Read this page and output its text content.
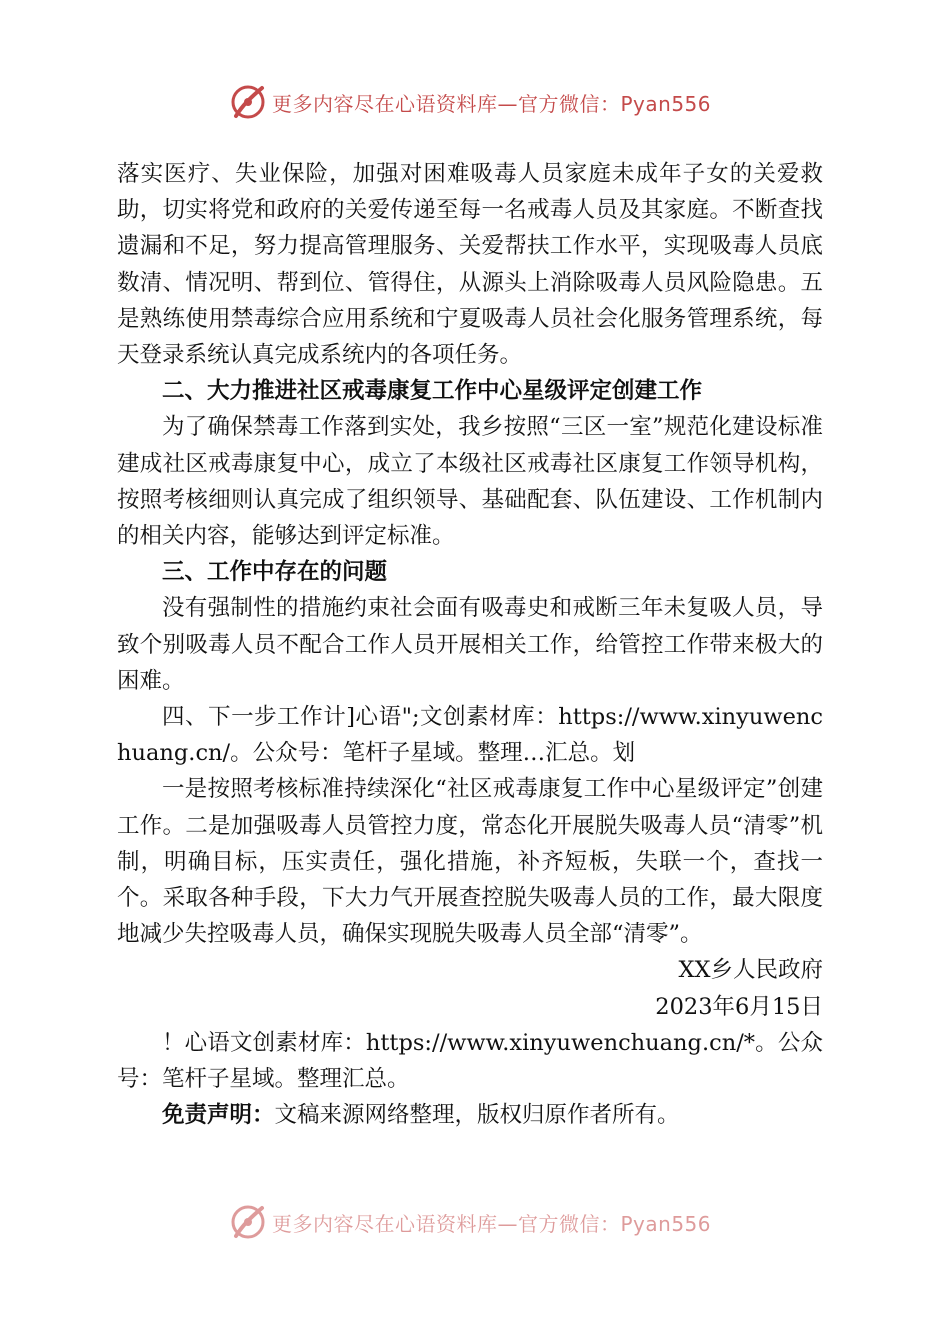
更多内容尽在心语资料库—官方微信：Pyan556

落实医疗、失业保险，加强对困难吸毒人员家庭未成年子女的关爱救助，切实将党和政府的关爱传递至每一名戒毒人员及其家庭。不断查找遗漏和不足，努力提高管理服务、关爱帮扶工作水平，实现吸毒人员底数清、情况明、帮到位、管得住，从源头上消除吸毒人员风险隐患。五是熟练使用禁毒综合应用系统和宁夏吸毒人员社会化服务管理系统，每天登录系统认真完成系统内的各项任务。

二、大力推进社区戒毒康复工作中心星级评定创建工作

为了确保禁毒工作落到实处，我乡按照“三区一室”规范化建设标准建成社区戒毒康复中心，成立了本级社区戒毒社区康复工作领导机构，按照考核细则认真完成了组织领导、基础配套、队伍建设、工作机制内的相关内容，能够达到评定标准。

三、工作中存在的问题

没有强制性的措施约束社会面有吸毒史和戒断三年未复吸人员，导致个别吸毒人员不配合工作人员开展相关工作，给管控工作带来极大的困难。

四、下一步工作计]心语";文创素材库：https://www.xinyuwenchuang.cn/。公众号：笔杆子星域。整理…汇总。划

一是按照考核标准持续深化“社区戒毒康复工作中心星级评定”创建工作。二是加强吸毒人员管控力度，常态化开展脱失吸毒人员“清零”机制，明确目标，压实责任，强化措施，补齐短板，失联一个，查找一个。采取各种手段，下大力气开展查控脱失吸毒人员的工作，最大限度地减少失控吸毒人员，确保实现脱失吸毒人员全部“清零”。

XX乡人民政府

2023年6月15日

！心语文创素材库：https://www.xinyuwenchuang.cn/*。公众号：笔杆子星域。整理汇总。

免责声明：文稿来源网络整理，版权归原作者所有。

更多内容尽在心语资料库—官方微信：Pyan556
